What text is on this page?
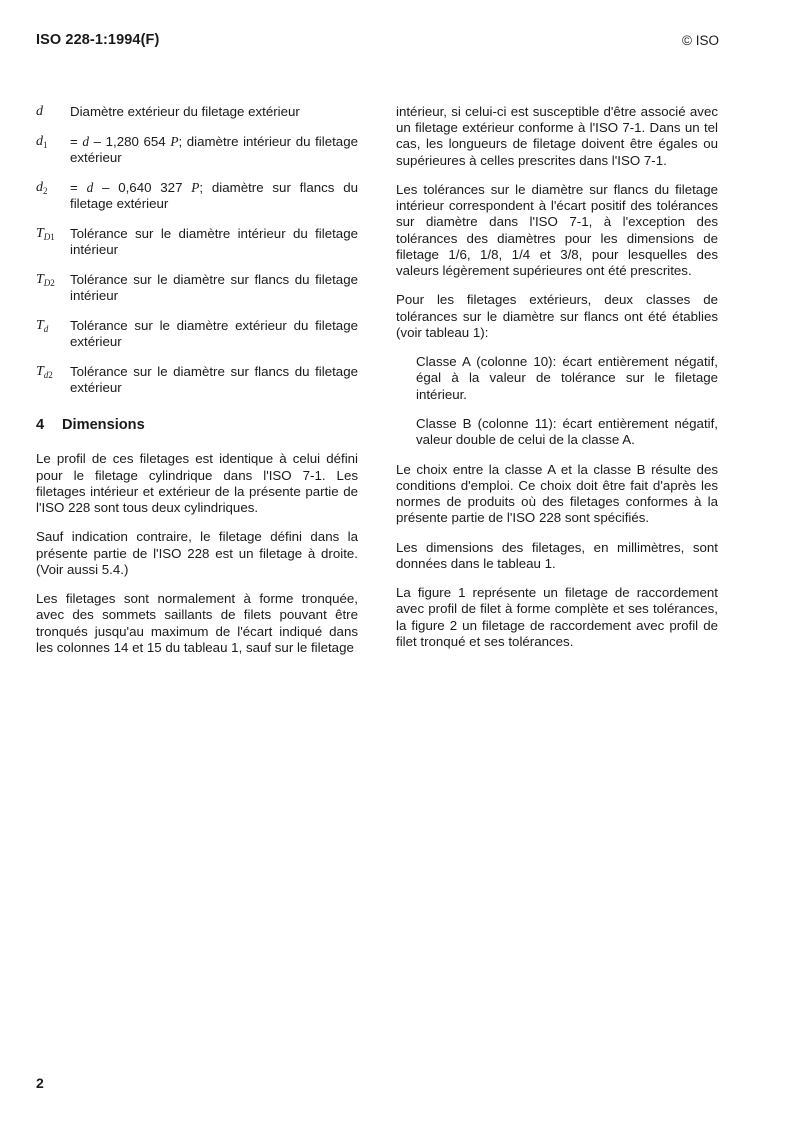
ISO 228-1:1994(F)	© ISO
d	Diamètre extérieur du filetage extérieur
$d_1$	= d – 1,280 654 P; diamètre intérieur du filetage extérieur
$d_2$	= d – 0,640 327 P; diamètre sur flancs du filetage extérieur
$T_{D1}$	Tolérance sur le diamètre intérieur du filetage intérieur
$T_{D2}$	Tolérance sur le diamètre sur flancs du filetage intérieur
$T_d$	Tolérance sur le diamètre extérieur du filetage extérieur
$T_{d2}$	Tolérance sur le diamètre sur flancs du filetage extérieur
4	Dimensions

Le profil de ces filetages est identique à celui défini pour le filetage cylindrique dans l'ISO 7-1. Les filetages intérieur et extérieur de la présente partie de l'ISO 228 sont tous deux cylindriques.

Sauf indication contraire, le filetage défini dans la présente partie de l'ISO 228 est un filetage à droite. (Voir aussi 5.4.)

Les filetages sont normalement à forme tronquée, avec des sommets saillants de filets pouvant être tronqués jusqu'au maximum de l'écart indiqué dans les colonnes 14 et 15 du tableau 1, sauf sur le filetage

intérieur, si celui-ci est susceptible d'être associé avec un filetage extérieur conforme à l'ISO 7-1. Dans un tel cas, les longueurs de filetage doivent être égales ou supérieures à celles prescrites dans l'ISO 7-1.

Les tolérances sur le diamètre sur flancs du filetage intérieur correspondent à l'écart positif des tolérances sur diamètre dans l'ISO 7-1, à l'exception des tolérances des diamètres pour les dimensions de filetage 1/6, 1/8, 1/4 et 3/8, pour lesquelles des valeurs légèrement supérieures ont été prescrites.

Pour les filetages extérieurs, deux classes de tolérances sur le diamètre sur flancs ont été établies (voir tableau 1):

Classe A (colonne 10): écart entièrement négatif, égal à la valeur de tolérance sur le filetage intérieur.

Classe B (colonne 11): écart entièrement négatif, valeur double de celui de la classe A.

Le choix entre la classe A et la classe B résulte des conditions d'emploi. Ce choix doit être fait d'après les normes de produits où des filetages conformes à la présente partie de l'ISO 228 sont spécifiés.

Les dimensions des filetages, en millimètres, sont données dans le tableau 1.

La figure 1 représente un filetage de raccordement avec profil de filet à forme complète et ses tolérances, la figure 2 un filetage de raccordement avec profil de filet tronqué et ses tolérances.

2
